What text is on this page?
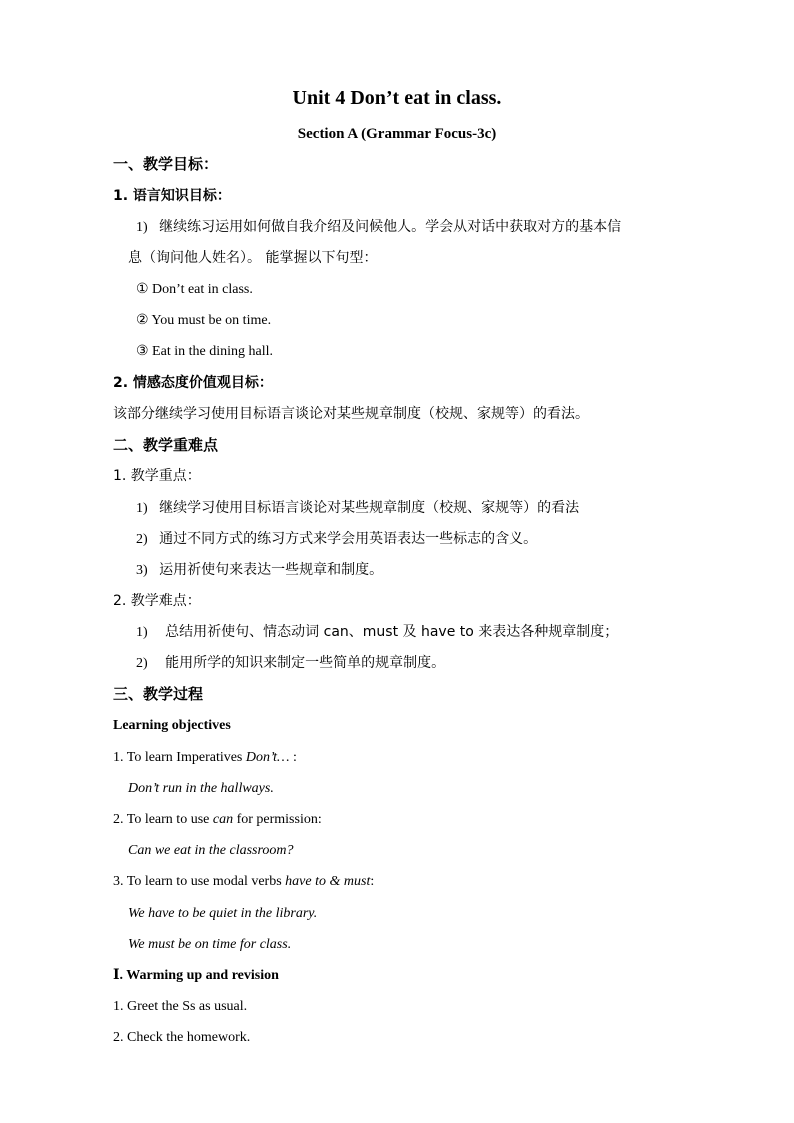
Unit 4 Don’t eat in class.
Section A (Grammar Focus-3c)
一、教学目标：
1. 语言知识目标：
1) 继续练习运用如何做自我介绍及问候他人。学会从对话中获取对方的基本信
息（询问他人姓名）。 能掌握以下句型：
① Don’t eat in class.
② You must be on time.
③ Eat in the dining hall.
2. 情感态度价值观目标：
该部分继续学习使用目标语言谈论对某些规章制度（校规、家规等）的看法。
二、教学重难点
1. 教学重点：
1) 继续学习使用目标语言谈论对某些规章制度（校规、家规等）的看法
2) 通过不同方式的练习方式来学会用英语表达一些标志的含义。
3) 运用祈使句来表达一些规章和制度。
2. 教学难点：
1) 总结用祈使句、情态动词 can、must 及 have to 来表达各种规章制度；
2) 能用所学的知识来制定一些简单的规章制度。
三、教学过程
Learning objectives
1. To learn Imperatives Don’t… :
Don’t run in the hallways.
2. To learn to use can for permission:
Can we eat in the classroom?
3. To learn to use modal verbs have to & must:
We have to be quiet in the library.
We must be on time for class.
Ⅰ. Warming up and revision
1. Greet the Ss as usual.
2. Check the homework.
